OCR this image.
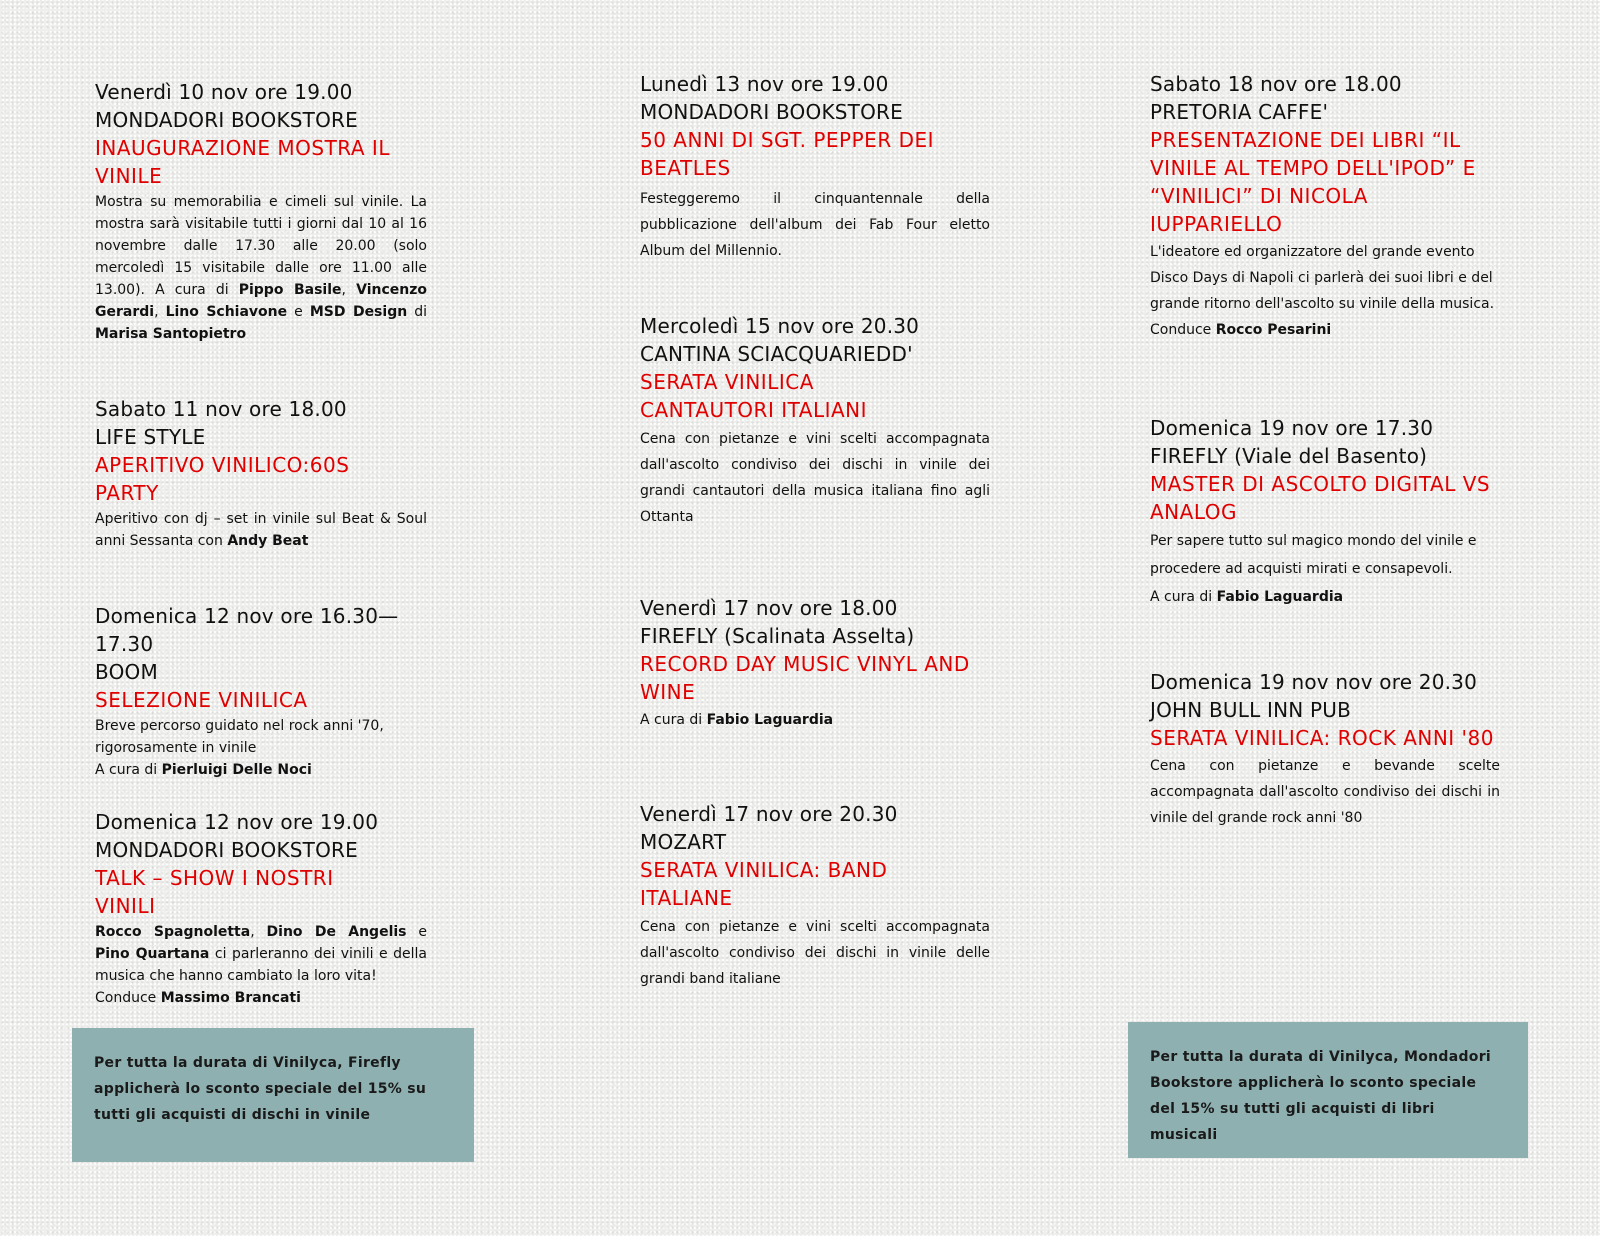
Venerdì 10 nov ore 19.00
MONDADORI BOOKSTORE
INAUGURAZIONE MOSTRA IL VINILE
Mostra su memorabilia e cimeli sul vinile. La mostra sarà visitabile tutti i giorni dal 10 al 16 novembre dalle 17.30 alle 20.00 (solo mercoledì 15 visitabile dalle ore 11.00 alle 13.00). A cura di Pippo Basile, Vincenzo Gerardi, Lino Schiavone e MSD Design di Marisa Santopietro
Sabato 11 nov ore 18.00
LIFE STYLE
APERITIVO VINILICO:60S PARTY
Aperitivo con dj – set in vinile sul Beat & Soul anni Sessanta con Andy Beat
Domenica 12 nov ore 16.30—17.30
BOOM
SELEZIONE VINILICA
Breve percorso guidato nel rock anni '70, rigorosamente in vinile
A cura di Pierluigi Delle Noci
Domenica 12 nov ore 19.00
MONDADORI BOOKSTORE
TALK – SHOW I NOSTRI VINILI
Rocco Spagnoletta, Dino De Angelis e Pino Quartana ci parleranno dei vinili e della musica che hanno cambiato la loro vita!
Conduce Massimo Brancati
Per tutta la durata di Vinilyca, Firefly applicherà lo sconto speciale del 15% su tutti gli acquisti di dischi in vinile
Lunedì 13 nov ore 19.00
MONDADORI BOOKSTORE
50 ANNI DI SGT. PEPPER DEI BEATLES
Festeggeremo il cinquantennale della pubblicazione dell'album dei Fab Four eletto Album del Millennio.
Mercoledì 15 nov ore 20.30
CANTINA SCIACQUARIEDD'
SERATA VINILICA CANTAUTORI ITALIANI
Cena con pietanze e vini scelti accompagnata dall'ascolto condiviso dei dischi in vinile dei grandi cantautori della musica italiana fino agli Ottanta
Venerdì 17 nov ore 18.00
FIREFLY (Scalinata Asselta)
RECORD DAY MUSIC VINYL AND WINE
A cura di Fabio Laguardia
Venerdì 17 nov ore 20.30
MOZART
SERATA VINILICA: BAND ITALIANE
Cena con pietanze e vini scelti accompagnata dall'ascolto condiviso dei dischi in vinile delle grandi band italiane
Sabato 18 nov ore 18.00
PRETORIA CAFFE'
PRESENTAZIONE DEI LIBRI “IL VINILE AL TEMPO DELL'IPOD” E “VINILICI” DI NICOLA IUPPARIELLO
L'ideatore ed organizzatore del grande evento Disco Days di Napoli ci parlerà dei suoi libri e del grande ritorno dell'ascolto su vinile della musica.
Conduce Rocco Pesarini
Domenica 19 nov ore 17.30
FIREFLY (Viale del Basento)
MASTER DI ASCOLTO DIGITAL VS ANALOG
Per sapere tutto sul magico mondo del vinile e procedere ad acquisti mirati e consapevoli.
A cura di Fabio Laguardia
Domenica 19 nov nov ore 20.30
JOHN BULL INN PUB
SERATA VINILICA: ROCK ANNI '80
Cena con pietanze e bevande scelte accompagnata dall'ascolto condiviso dei dischi in vinile del grande rock anni '80
Per tutta la durata di Vinilyca, Mondadori Bookstore applicherà lo sconto speciale del 15% su tutti gli acquisti di libri musicali
